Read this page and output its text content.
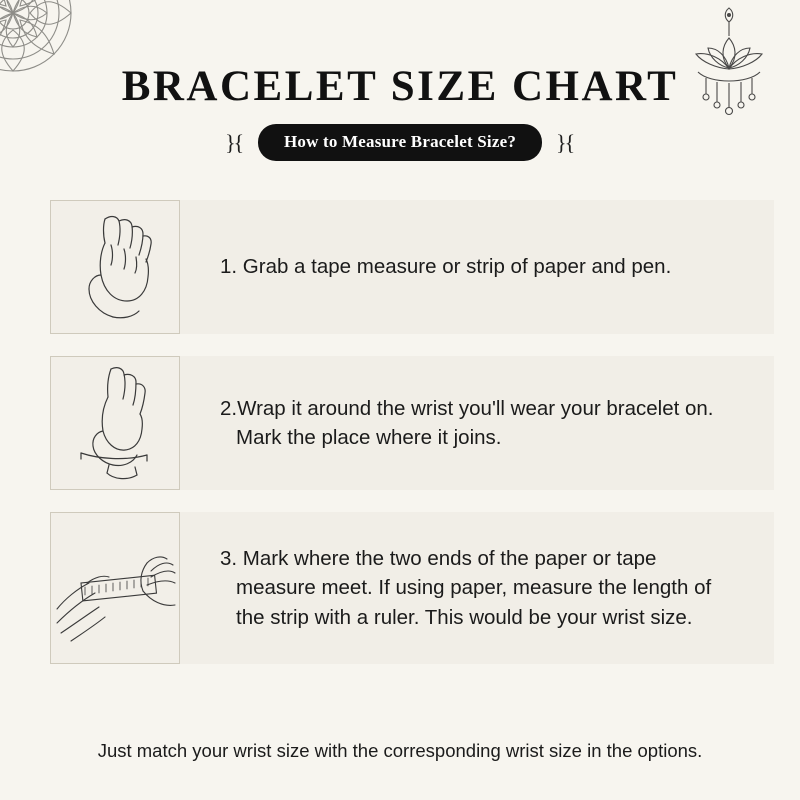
BRACELET SIZE CHART
}{	How to Measure Bracelet Size?	}{

1. Grab a tape measure or strip of paper and pen.

2.Wrap it around the wrist you'll wear your bracelet on. Mark the place where it joins.

3. Mark where the two ends of the paper or tape measure meet. If using paper, measure the length of the strip with a ruler. This would be your wrist size.

Just match your wrist size with the corresponding wrist size in the options.
